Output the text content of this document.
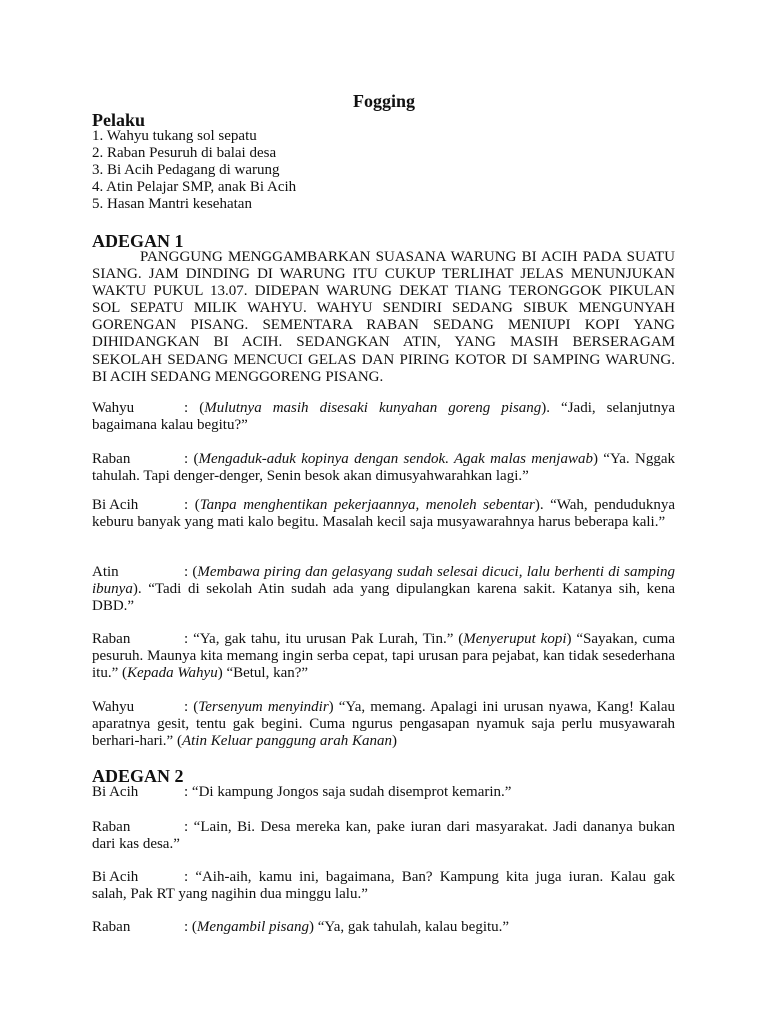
Fogging
Pelaku
1. Wahyu tukang sol sepatu
2. Raban Pesuruh di balai desa
3. Bi Acih Pedagang di warung
4. Atin Pelajar SMP, anak Bi Acih
5. Hasan Mantri kesehatan
ADEGAN 1

PANGGUNG MENGGAMBARKAN SUASANA WARUNG BI ACIH PADA SUATU SIANG. JAM DINDING DI WARUNG ITU CUKUP TERLIHAT JELAS MENUNJUKAN WAKTU PUKUL 13.07. DIDEPAN WARUNG DEKAT TIANG TERONGGOK PIKULAN SOL SEPATU MILIK WAHYU. WAHYU SENDIRI SEDANG SIBUK MENGUNYAH GORENGAN PISANG. SEMENTARA RABAN SEDANG MENIUPI KOPI YANG DIHIDANGKAN BI ACIH. SEDANGKAN ATIN, YANG MASIH BERSERAGAM SEKOLAH SEDANG MENCUCI GELAS DAN PIRING KOTOR DI SAMPING WARUNG. BI ACIH SEDANG MENGGORENG PISANG.

Wahyu	: (Mulutnya masih disesaki kunyahan goreng pisang). “Jadi, selanjutnya bagaimana kalau begitu?”

Raban	: (Mengaduk-aduk kopinya dengan sendok. Agak malas menjawab) “Ya. Nggak tahulah. Tapi denger-denger, Senin besok akan dimusyahwarahkan lagi.”

Bi Acih	: (Tanpa menghentikan pekerjaannya, menoleh sebentar). “Wah, penduduknya keburu banyak yang mati kalo begitu. Masalah kecil saja musyawarahnya harus beberapa kali.”

Atin	: (Membawa piring dan gelasyang sudah selesai dicuci, lalu berhenti di samping ibunya). “Tadi di sekolah Atin sudah ada yang dipulangkan karena sakit. Katanya sih, kena DBD.”

Raban	: “Ya, gak tahu, itu urusan Pak Lurah, Tin.” (Menyeruput kopi) “Sayakan, cuma pesuruh. Maunya kita memang ingin serba cepat, tapi urusan para pejabat, kan tidak sesederhana itu.” (Kepada Wahyu) “Betul, kan?”

Wahyu	: (Tersenyum menyindir) “Ya, memang. Apalagi ini urusan nyawa, Kang! Kalau aparatnya gesit, tentu gak begini. Cuma ngurus pengasapan nyamuk saja perlu musyawarah berhari-hari.” (Atin Keluar panggung arah Kanan)

ADEGAN 2

Bi Acih	: “Di kampung Jongos saja sudah disemprot kemarin.”

Raban	: “Lain, Bi. Desa mereka kan, pake iuran dari masyarakat. Jadi dananya bukan dari kas desa.”

Bi Acih	: “Aih-aih, kamu ini, bagaimana, Ban? Kampung kita juga iuran. Kalau gak salah, Pak RT yang nagihin dua minggu lalu.”

Raban	: (Mengambil pisang) “Ya, gak tahulah, kalau begitu.”
